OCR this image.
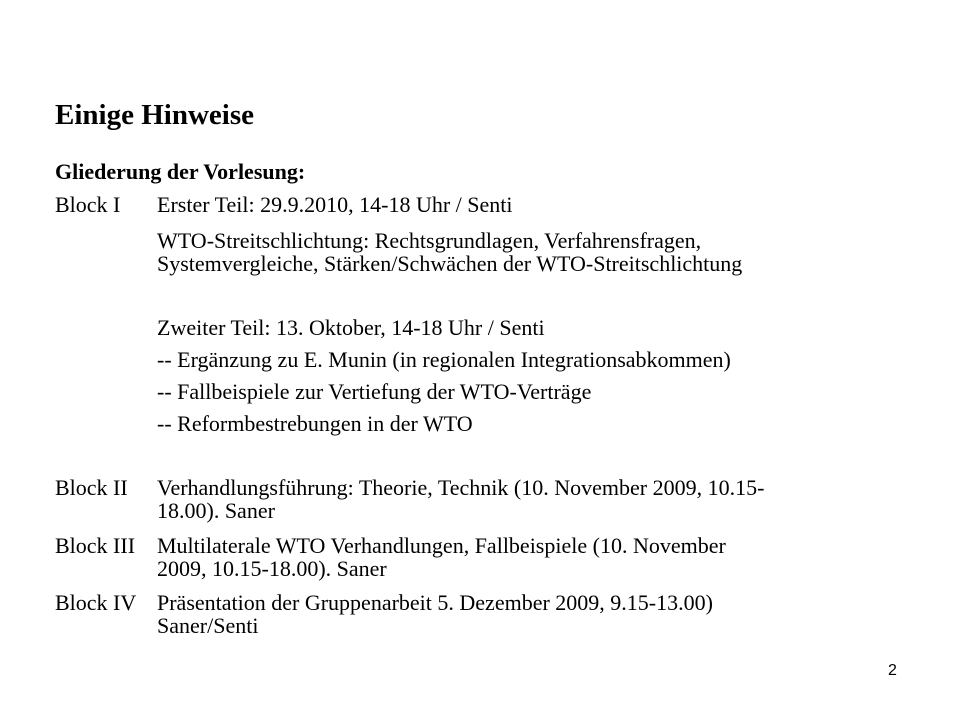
Einige Hinweise
Gliederung der Vorlesung:
Block I Erster Teil: 29.9.2010, 14-18 Uhr / Senti
WTO-Streitschlichtung: Rechtsgrundlagen, Verfahrensfragen,
Systemvergleiche, Stärken/Schwächen der WTO-Streitschlichtung
Zweiter Teil: 13. Oktober, 14-18 Uhr / Senti
-- Ergänzung zu E. Munin (in regionalen Integrationsabkommen)
-- Fallbeispiele zur Vertiefung der WTO-Verträge
-- Reformbestrebungen in der WTO
Block II Verhandlungsführung: Theorie, Technik (10. November 2009, 10.15-
18.00). Saner
Block III Multilaterale WTO Verhandlungen, Fallbeispiele (10. November
2009, 10.15-18.00). Saner
Block IV Präsentation der Gruppenarbeit 5. Dezember 2009, 9.15-13.00)
Saner/Senti
2
